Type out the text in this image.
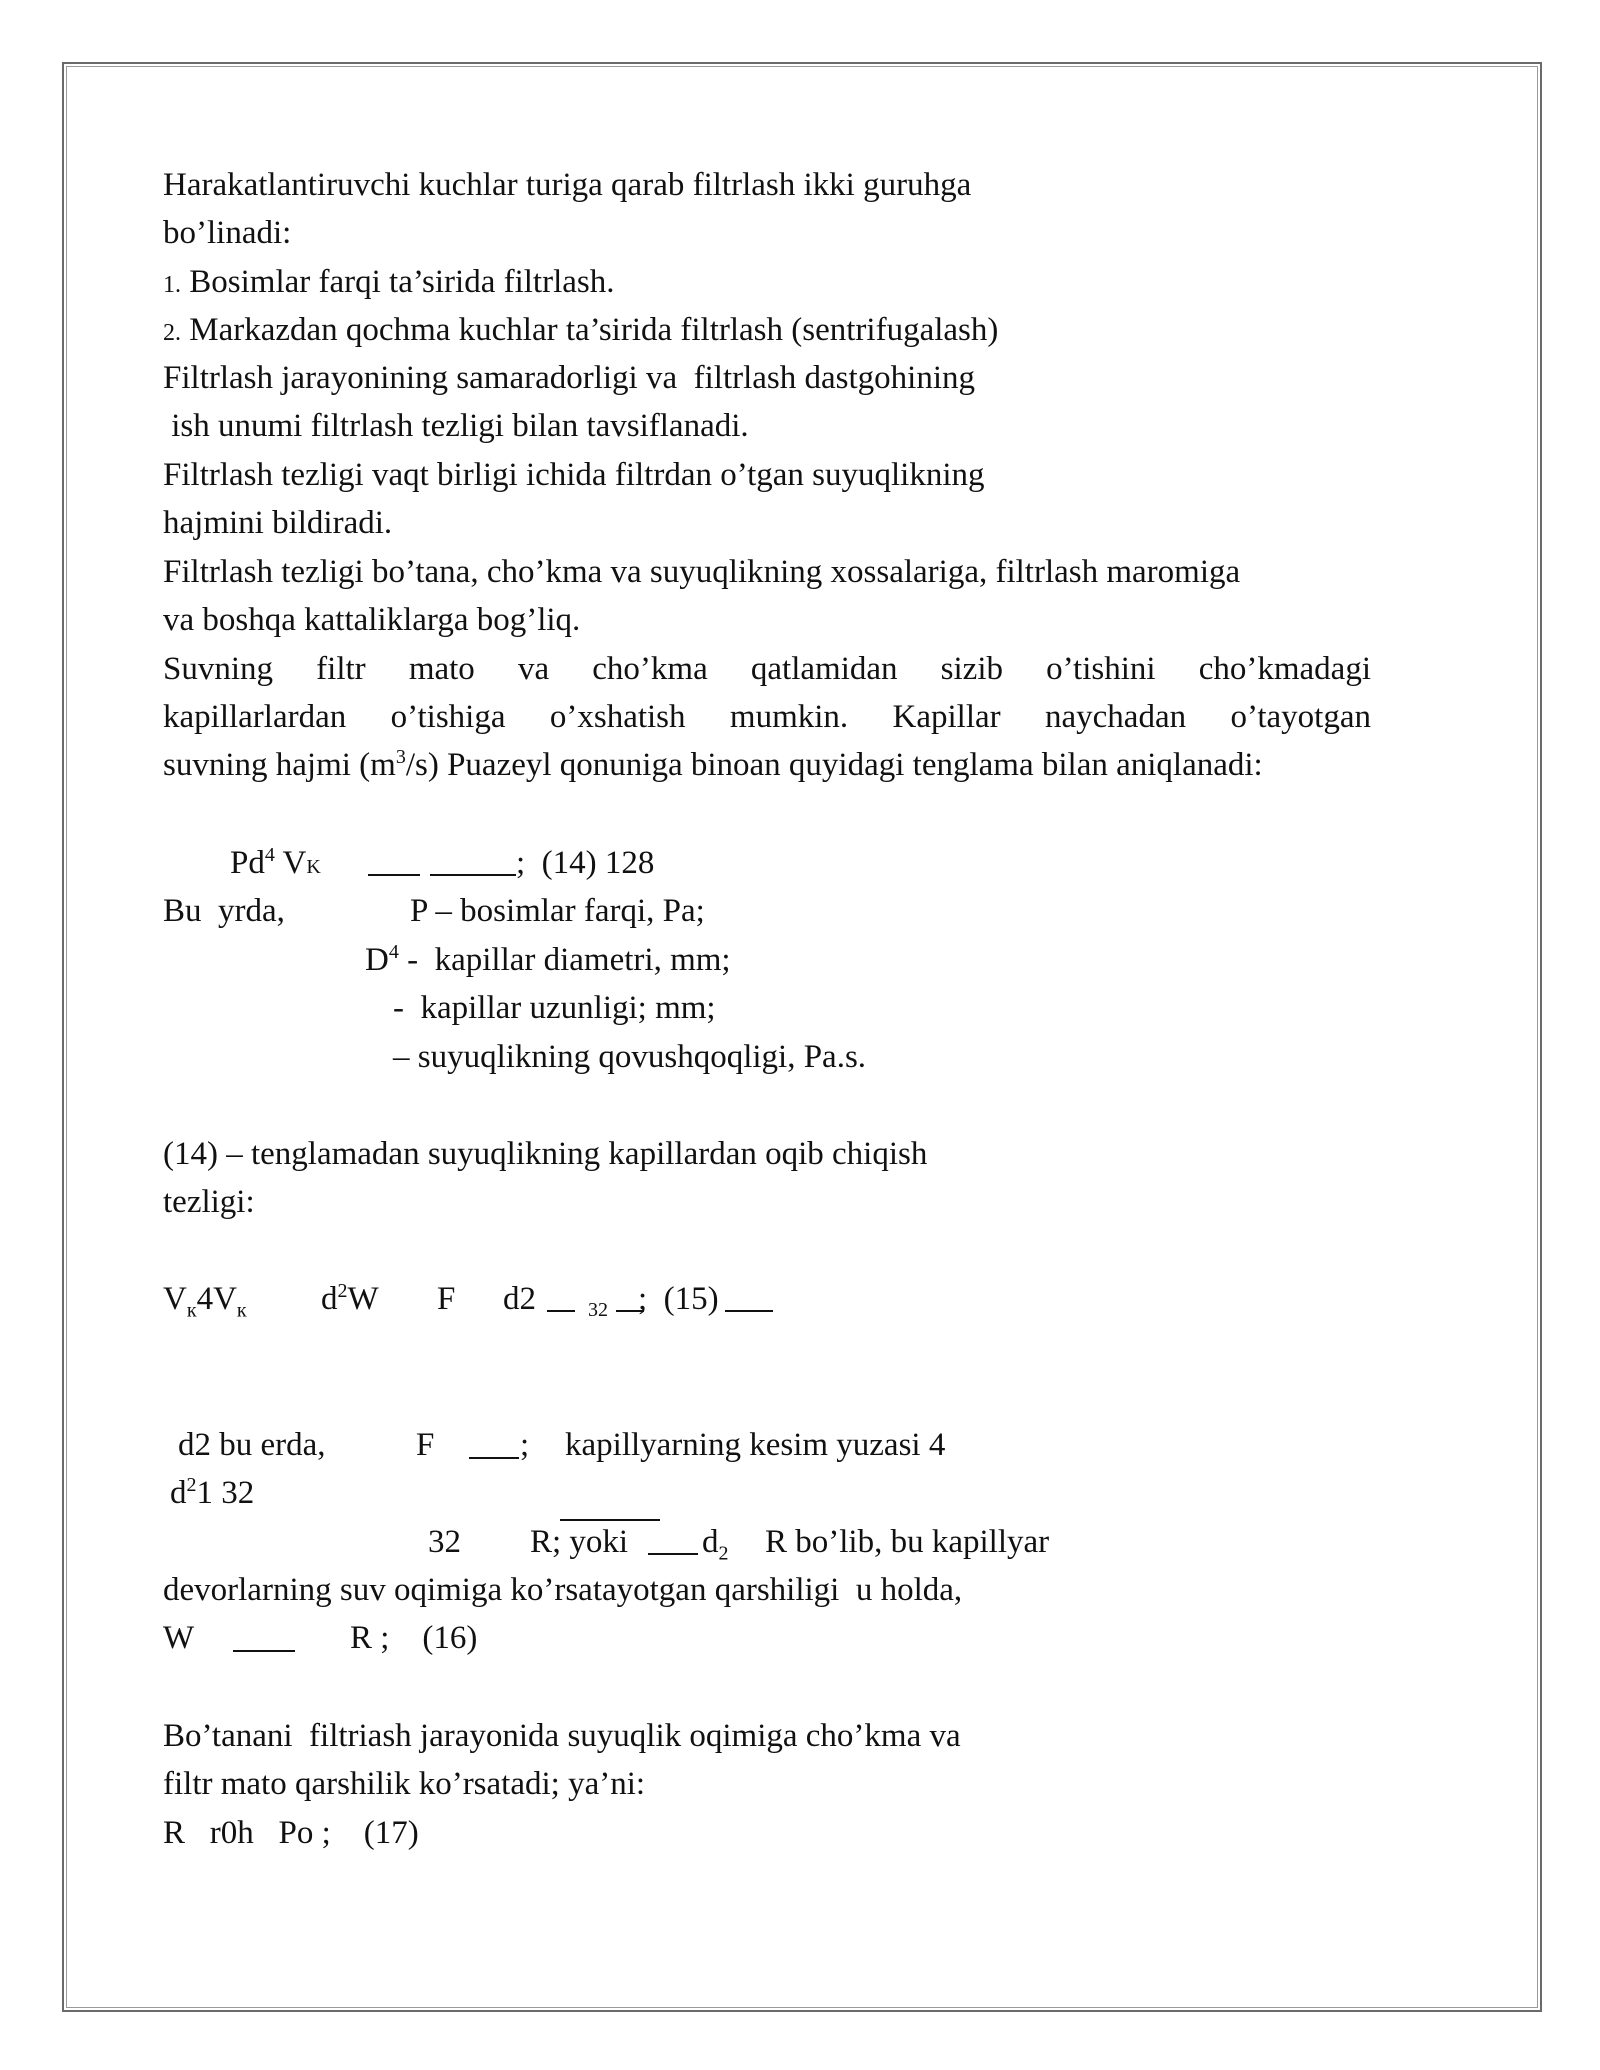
Harakatlantiruvchi kuchlar turiga qarab filtrlash ikki guruhga
bo’linadi:
1. Bosimlar farqi ta’sirida filtrlash.
2. Markazdan qochma kuchlar ta’sirida filtrlash (sentrifugalash)
Filtrlash jarayonining samaradorligi va  filtrlash dastgohining
ish unumi filtrlash tezligi bilan tavsiflanadi.
Filtrlash tezligi vaqt birligi ichida filtrdan o’tgan suyuqlikning
hajmini bildiradi.
Filtrlash tezligi bo’tana, cho’kma va suyuqlikning xossalariga, filtrlash maromiga
va boshqa kattaliklarga bog’liq.
Suvning filtr mato va cho’kma qatlamidan sizib o’tishini cho’kmadagi
kapillarlardan o’tishiga o’xshatish mumkin. Kapillar naychadan o’tayotgan
suvning hajmi $(m^3/s)$ Puazeyl qonuniga binoan quyidagi tenglama bilan aniqlanadi:
Pd$^4$ VK	;  (14) 128
Bu  yrda,	P – bosimlar farqi, Pa;
$D^4$ -  kapillar diametri, mm;
-  kapillar uzunligi; mm;
– suyuqlikning qovushqoqligi, Pa.s.
(14) – tenglamadan suyuqlikning kapillardan oqib chiqish
tezligi:
$V_к4V_к$ $d^2W$ F d2	32 ;  (15)
d2 bu erda,	F	; kapillyarning kesim yuzasi 4
$d^21$ 32
32 R; yoki $d_2$ R bo’lib, bu kapillyar
devorlarning suv oqimiga ko’rsatayotgan qarshiligi  u holda,
W	R ;    (16)
Bo’tanani  filtriash jarayonida suyuqlik oqimiga cho’kma va
filtr mato qarshilik ko’rsatadi; ya’ni:
R   r0h   Po ;    (17)
